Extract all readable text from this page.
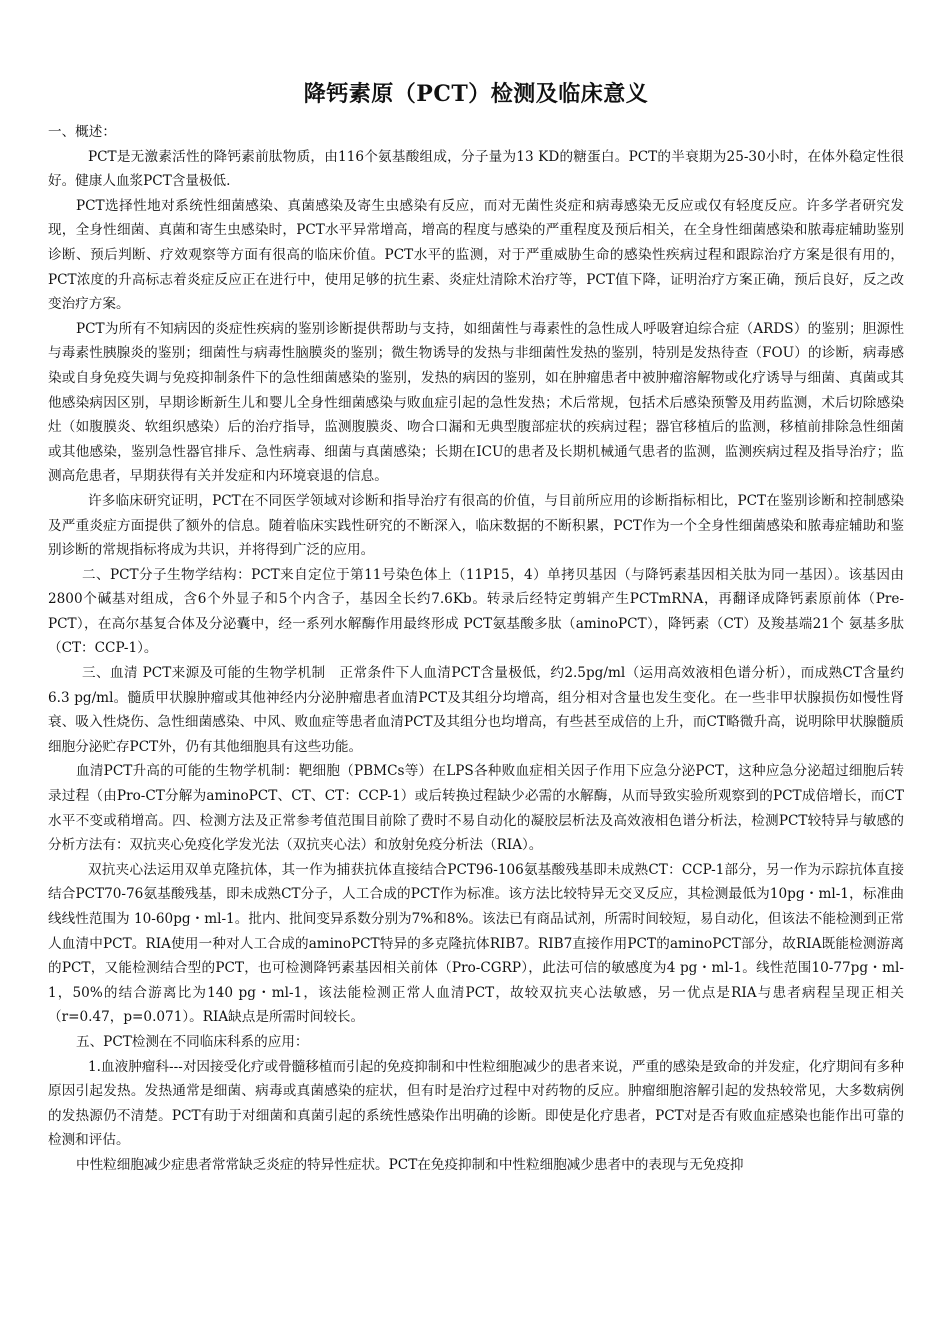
降钙素原（PCT）检测及临床意义

一、概述：

PCT是无激素活性的降钙素前肽物质，由116个氨基酸组成，分子量为13 KD的糖蛋白。PCT的半衰期为25-30小时，在体外稳定性很好。健康人血浆PCT含量极低.

PCT选择性地对系统性细菌感染、真菌感染及寄生虫感染有反应，而对无菌性炎症和病毒感染无反应或仅有轻度反应。许多学者研究发现，全身性细菌、真菌和寄生虫感染时，PCT水平异常增高，增高的程度与感染的严重程度及预后相关，在全身性细菌感染和脓毒症辅助鉴别诊断、预后判断、疗效观察等方面有很高的临床价值。PCT水平的监测，对于严重威胁生命的感染性疾病过程和跟踪治疗方案是很有用的，PCT浓度的升高标志着炎症反应正在进行中，使用足够的抗生素、炎症灶清除术治疗等，PCT值下降，证明治疗方案正确，预后良好，反之改变治疗方案。

PCT为所有不知病因的炎症性疾病的鉴别诊断提供帮助与支持，如细菌性与毒素性的急性成人呼吸窘迫综合症（ARDS）的鉴别；胆源性与毒素性胰腺炎的鉴别；细菌性与病毒性脑膜炎的鉴别；微生物诱导的发热与非细菌性发热的鉴别，特别是发热待查（FOU）的诊断，病毒感染或自身免疫失调与免疫抑制条件下的急性细菌感染的鉴别，发热的病因的鉴别，如在肿瘤患者中被肿瘤溶解物或化疗诱导与细菌、真菌或其他感染病因区别，早期诊断新生儿和婴儿全身性细菌感染与败血症引起的急性发热；术后常规，包括术后感染预警及用药监测，术后切除感染灶（如腹膜炎、软组织感染）后的治疗指导，监测腹膜炎、吻合口漏和无典型腹部症状的疾病过程；器官移植后的监测，移植前排除急性细菌或其他感染，鉴别急性器官排斥、急性病毒、细菌与真菌感染；长期在ICU的患者及长期机械通气患者的监测，监测疾病过程及指导治疗；监测高危患者，早期获得有关并发症和内环境衰退的信息。

许多临床研究证明，PCT在不同医学领域对诊断和指导治疗有很高的价值，与目前所应用的诊断指标相比，PCT在鉴别诊断和控制感染及严重炎症方面提供了额外的信息。随着临床实践性研究的不断深入，临床数据的不断积累，PCT作为一个全身性细菌感染和脓毒症辅助和鉴别诊断的常规指标将成为共识，并将得到广泛的应用。

二、PCT分子生物学结构：PCT来自定位于第11号染色体上（11P15，4）单拷贝基因（与降钙素基因相关肽为同一基因）。该基因由2800个碱基对组成，含6个外显子和5个内含子，基因全长约7.6Kb。转录后经特定剪辑产生PCTmRNA，再翻译成降钙素原前体（Pre-PCT），在高尔基复合体及分泌囊中，经一系列水解酶作用最终形成 PCT氨基酸多肽（aminoPCT），降钙素（CT）及羧基端21个 氨基多肽（CT：CCP-1）。

三、血清 PCT来源及可能的生物学机制　正常条件下人血清PCT含量极低，约2.5pg/ml（运用高效液相色谱分析），而成熟CT含量约6.3 pg/ml。髓质甲状腺肿瘤或其他神经内分泌肿瘤患者血清PCT及其组分均增高，组分相对含量也发生变化。在一些非甲状腺损伤如慢性肾衰、吸入性烧伤、急性细菌感染、中风、败血症等患者血清PCT及其组分也均增高，有些甚至成倍的上升，而CT略微升高，说明除甲状腺髓质细胞分泌贮存PCT外，仍有其他细胞具有这些功能。

血清PCT升高的可能的生物学机制：靶细胞（PBMCs等）在LPS各种败血症相关因子作用下应急分泌PCT，这种应急分泌超过细胞后转录过程（由Pro-CT分解为aminoPCT、CT、CT：CCP-1）或后转换过程缺少必需的水解酶，从而导致实验所观察到的PCT成倍增长，而CT水平不变或稍增高。四、检测方法及正常参考值范围目前除了费时不易自动化的凝胶层析法及高效液相色谱分析法，检测PCT较特异与敏感的分析方法有：双抗夹心免疫化学发光法（双抗夹心法）和放射免疫分析法（RIA）。

双抗夹心法运用双单克隆抗体，其一作为捕获抗体直接结合PCT96-106氨基酸残基即未成熟CT：CCP-1部分，另一作为示踪抗体直接结合PCT70-76氨基酸残基，即未成熟CT分子，人工合成的PCT作为标准。该方法比较特异无交叉反应，其检测最低为10pg・ml-1，标准曲线线性范围为 10-60pg・ml-1。批内、批间变异系数分别为7%和8%。该法已有商品试剂，所需时间较短，易自动化，但该法不能检测到正常人血清中PCT。RIA使用一种对人工合成的aminoPCT特异的多克隆抗体RIB7。RIB7直接作用PCT的aminoPCT部分，故RIA既能检测游离的PCT，又能检测结合型的PCT，也可检测降钙素基因相关前体（Pro-CGRP），此法可信的敏感度为4 pg・ml-1。线性范围10-77pg・ml-1，50%的结合游离比为140 pg・ml-1，该法能检测正常人血清PCT，故较双抗夹心法敏感，另一优点是RIA与患者病程呈现正相关（r=0.47，p=0.071）。RIA缺点是所需时间较长。

五、PCT检测在不同临床科系的应用：

1.血液肿瘤科---对因接受化疗或骨髓移植而引起的免疫抑制和中性粒细胞减少的患者来说，严重的感染是致命的并发症，化疗期间有多种原因引起发热。发热通常是细菌、病毒或真菌感染的症状，但有时是治疗过程中对药物的反应。肿瘤细胞溶解引起的发热较常见，大多数病例的发热源仍不清楚。PCT有助于对细菌和真菌引起的系统性感染作出明确的诊断。即使是化疗患者，PCT对是否有败血症感染也能作出可靠的检测和评估。

中性粒细胞减少症患者常常缺乏炎症的特异性症状。PCT在免疫抑制和中性粒细胞减少患者中的表现与无免疫抑
